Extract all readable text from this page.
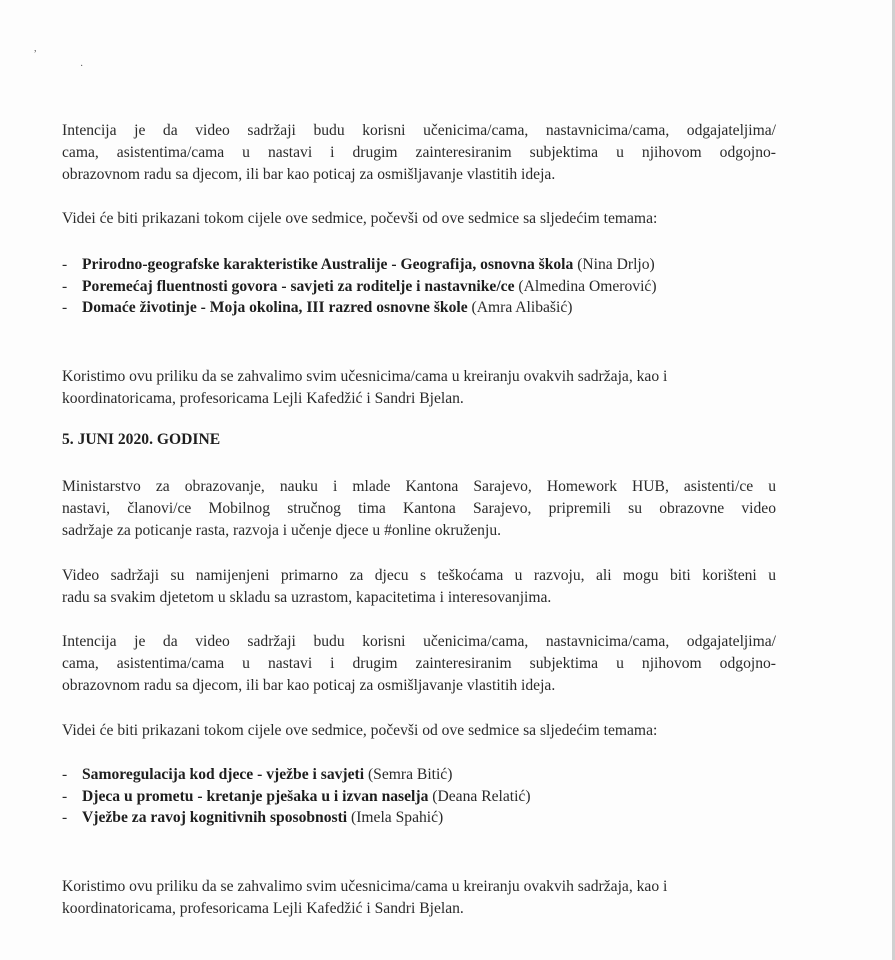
,
·

Intencija je da video sadržaji budu korisni učenicima/cama, nastavnicima/cama, odgajateljima/
cama, asistentima/cama u nastavi i drugim zainteresiranim subjektima u njihovom odgojno-
obrazovnom radu sa djecom, ili bar kao poticaj za osmišljavanje vlastitih ideja.

Videi će biti prikazani tokom cijele ove sedmice, počevši od ove sedmice sa sljedećim temama:

- Prirodno-geografske karakteristike Australije - Geografija, osnovna škola (Nina Drljo)
- Poremećaj fluentnosti govora - savjeti za roditelje i nastavnike/ce (Almedina Omerović)
- Domaće životinje - Moja okolina, III razred osnovne škole (Amra Alibašić)

Koristimo ovu priliku da se zahvalimo svim učesnicima/cama u kreiranju ovakvih sadržaja, kao i
koordinatoricama, profesoricama Lejli Kafedžić i Sandri Bjelan.

5. JUNI 2020. GODINE

Ministarstvo za obrazovanje, nauku i mlade Kantona Sarajevo, Homework HUB, asistenti/ce u
nastavi, članovi/ce Mobilnog stručnog tima Kantona Sarajevo, pripremili su obrazovne video
sadržaje za poticanje rasta, razvoja i učenje djece u #online okruženju.

Video sadržaji su namijenjeni primarno za djecu s teškoćama u razvoju, ali mogu biti korišteni u
radu sa svakim djetetom u skladu sa uzrastom, kapacitetima i interesovanjima.

Intencija je da video sadržaji budu korisni učenicima/cama, nastavnicima/cama, odgajateljima/
cama, asistentima/cama u nastavi i drugim zainteresiranim subjektima u njihovom odgojno-
obrazovnom radu sa djecom, ili bar kao poticaj za osmišljavanje vlastitih ideja.

Videi će biti prikazani tokom cijele ove sedmice, počevši od ove sedmice sa sljedećim temama:

- Samoregulacija kod djece - vježbe i savjeti (Semra Bitić)
- Djeca u prometu - kretanje pješaka u i izvan naselja (Deana Relatić)
- Vježbe za ravoj kognitivnih sposobnosti (Imela Spahić)

Koristimo ovu priliku da se zahvalimo svim učesnicima/cama u kreiranju ovakvih sadržaja, kao i
koordinatoricama, profesoricama Lejli Kafedžić i Sandri Bjelan.
